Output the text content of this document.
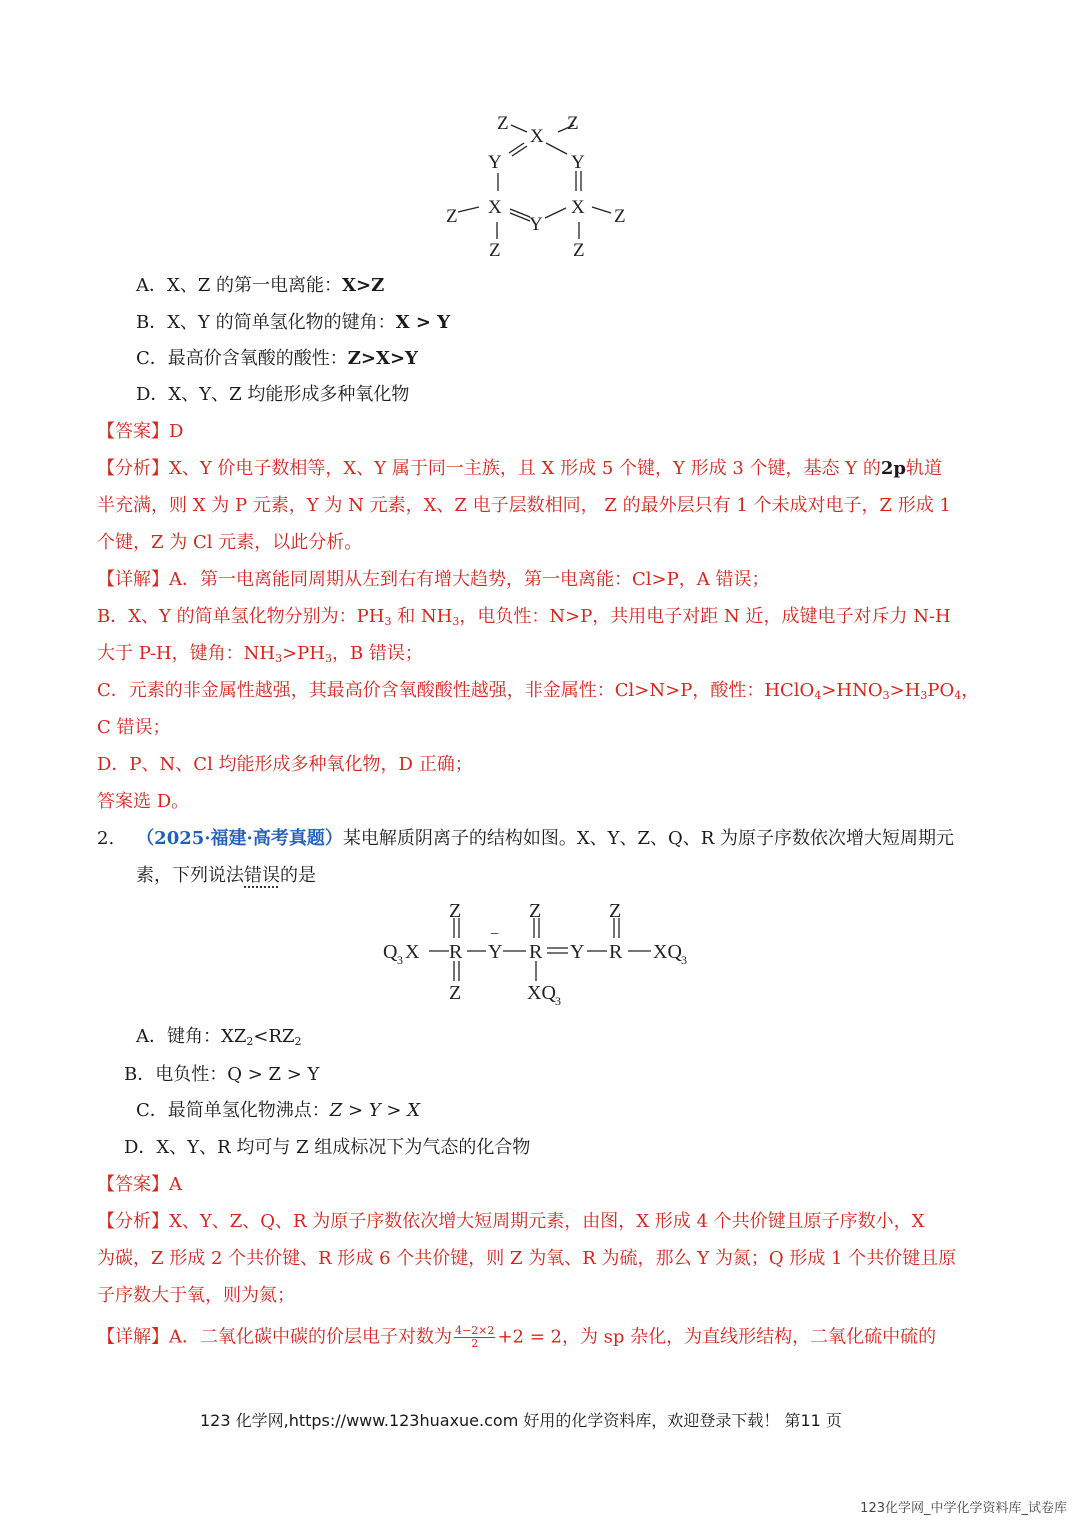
Z
X
Z
Y	Y
Z X
Y
X Z
Z	Z
A．X、Z 的第一电离能：X>Z
B．X、Y 的简单氢化物的键角：X > Y
C．最高价含氧酸的酸性：Z>X>Y
D．X、Y、Z 均能形成多种氧化物
【答案】D
【分析】X、Y 价电子数相等，X、Y 属于同一主族，且 X 形成 5 个键，Y 形成 3 个键，基态 Y 的2p轨道
半充满，则 X 为 P 元素，Y 为 N 元素，X、Z 电子层数相同， Z 的最外层只有 1 个未成对电子，Z 形成 1
个键，Z 为 Cl 元素，以此分析。
【详解】A．第一电离能同周期从左到右有增大趋势，第一电离能：Cl>P，A 错误；
B．X、Y 的简单氢化物分别为：$PH_3$ 和 $NH_3$，电负性：N>P，共用电子对距 N 近，成键电子对斥力 N-H
大于 P-H，键角：$NH_3>PH_3$，B 错误；
C．元素的非金属性越强，其最高价含氧酸酸性越强，非金属性：Cl>N>P，酸性：$HClO_4>HNO_3>H_3PO_4$，
C 错误；
D．P、N、Cl 均能形成多种氧化物，D 正确；
答案选 D。
2. （2025·福建·高考真题）某电解质阴离子的结构如图。X、Y、Z、Q、R 为原子序数依次增大短周期元
素，下列说法错误的是
Z	Z	Z
Q 3 X R
−
Y R Y R XQ 3
Z	XQ 3
A．键角：$XZ_2<RZ_2$
B．电负性：Q > Z > Y
C．最简单氢化物沸点：Z > Y > X
D．X、Y、R 均可与 Z 组成标况下为气态的化合物
【答案】A
【分析】X、Y、Z、Q、R 为原子序数依次增大短周期元素，由图，X 形成 4 个共价键且原子序数小，X
为碳，Z 形成 2 个共价键、R 形成 6 个共价键，则 Z 为氧、R 为硫，那么 Y 为氮；Q 形成 1 个共价键且原
子序数大于氧，则为氮；
【详解】A．二氧化碳中碳的价层电子对数为 $\frac{4-2\times 2}{2} +2 = 2$，为 sp 杂化，为直线形结构，二氧化硫中硫的
123 化学网,https://www.123huaxue.com 好用的化学资料库，欢迎登录下载！ 第11 页
123化学网_中学化学资料库_试卷库
